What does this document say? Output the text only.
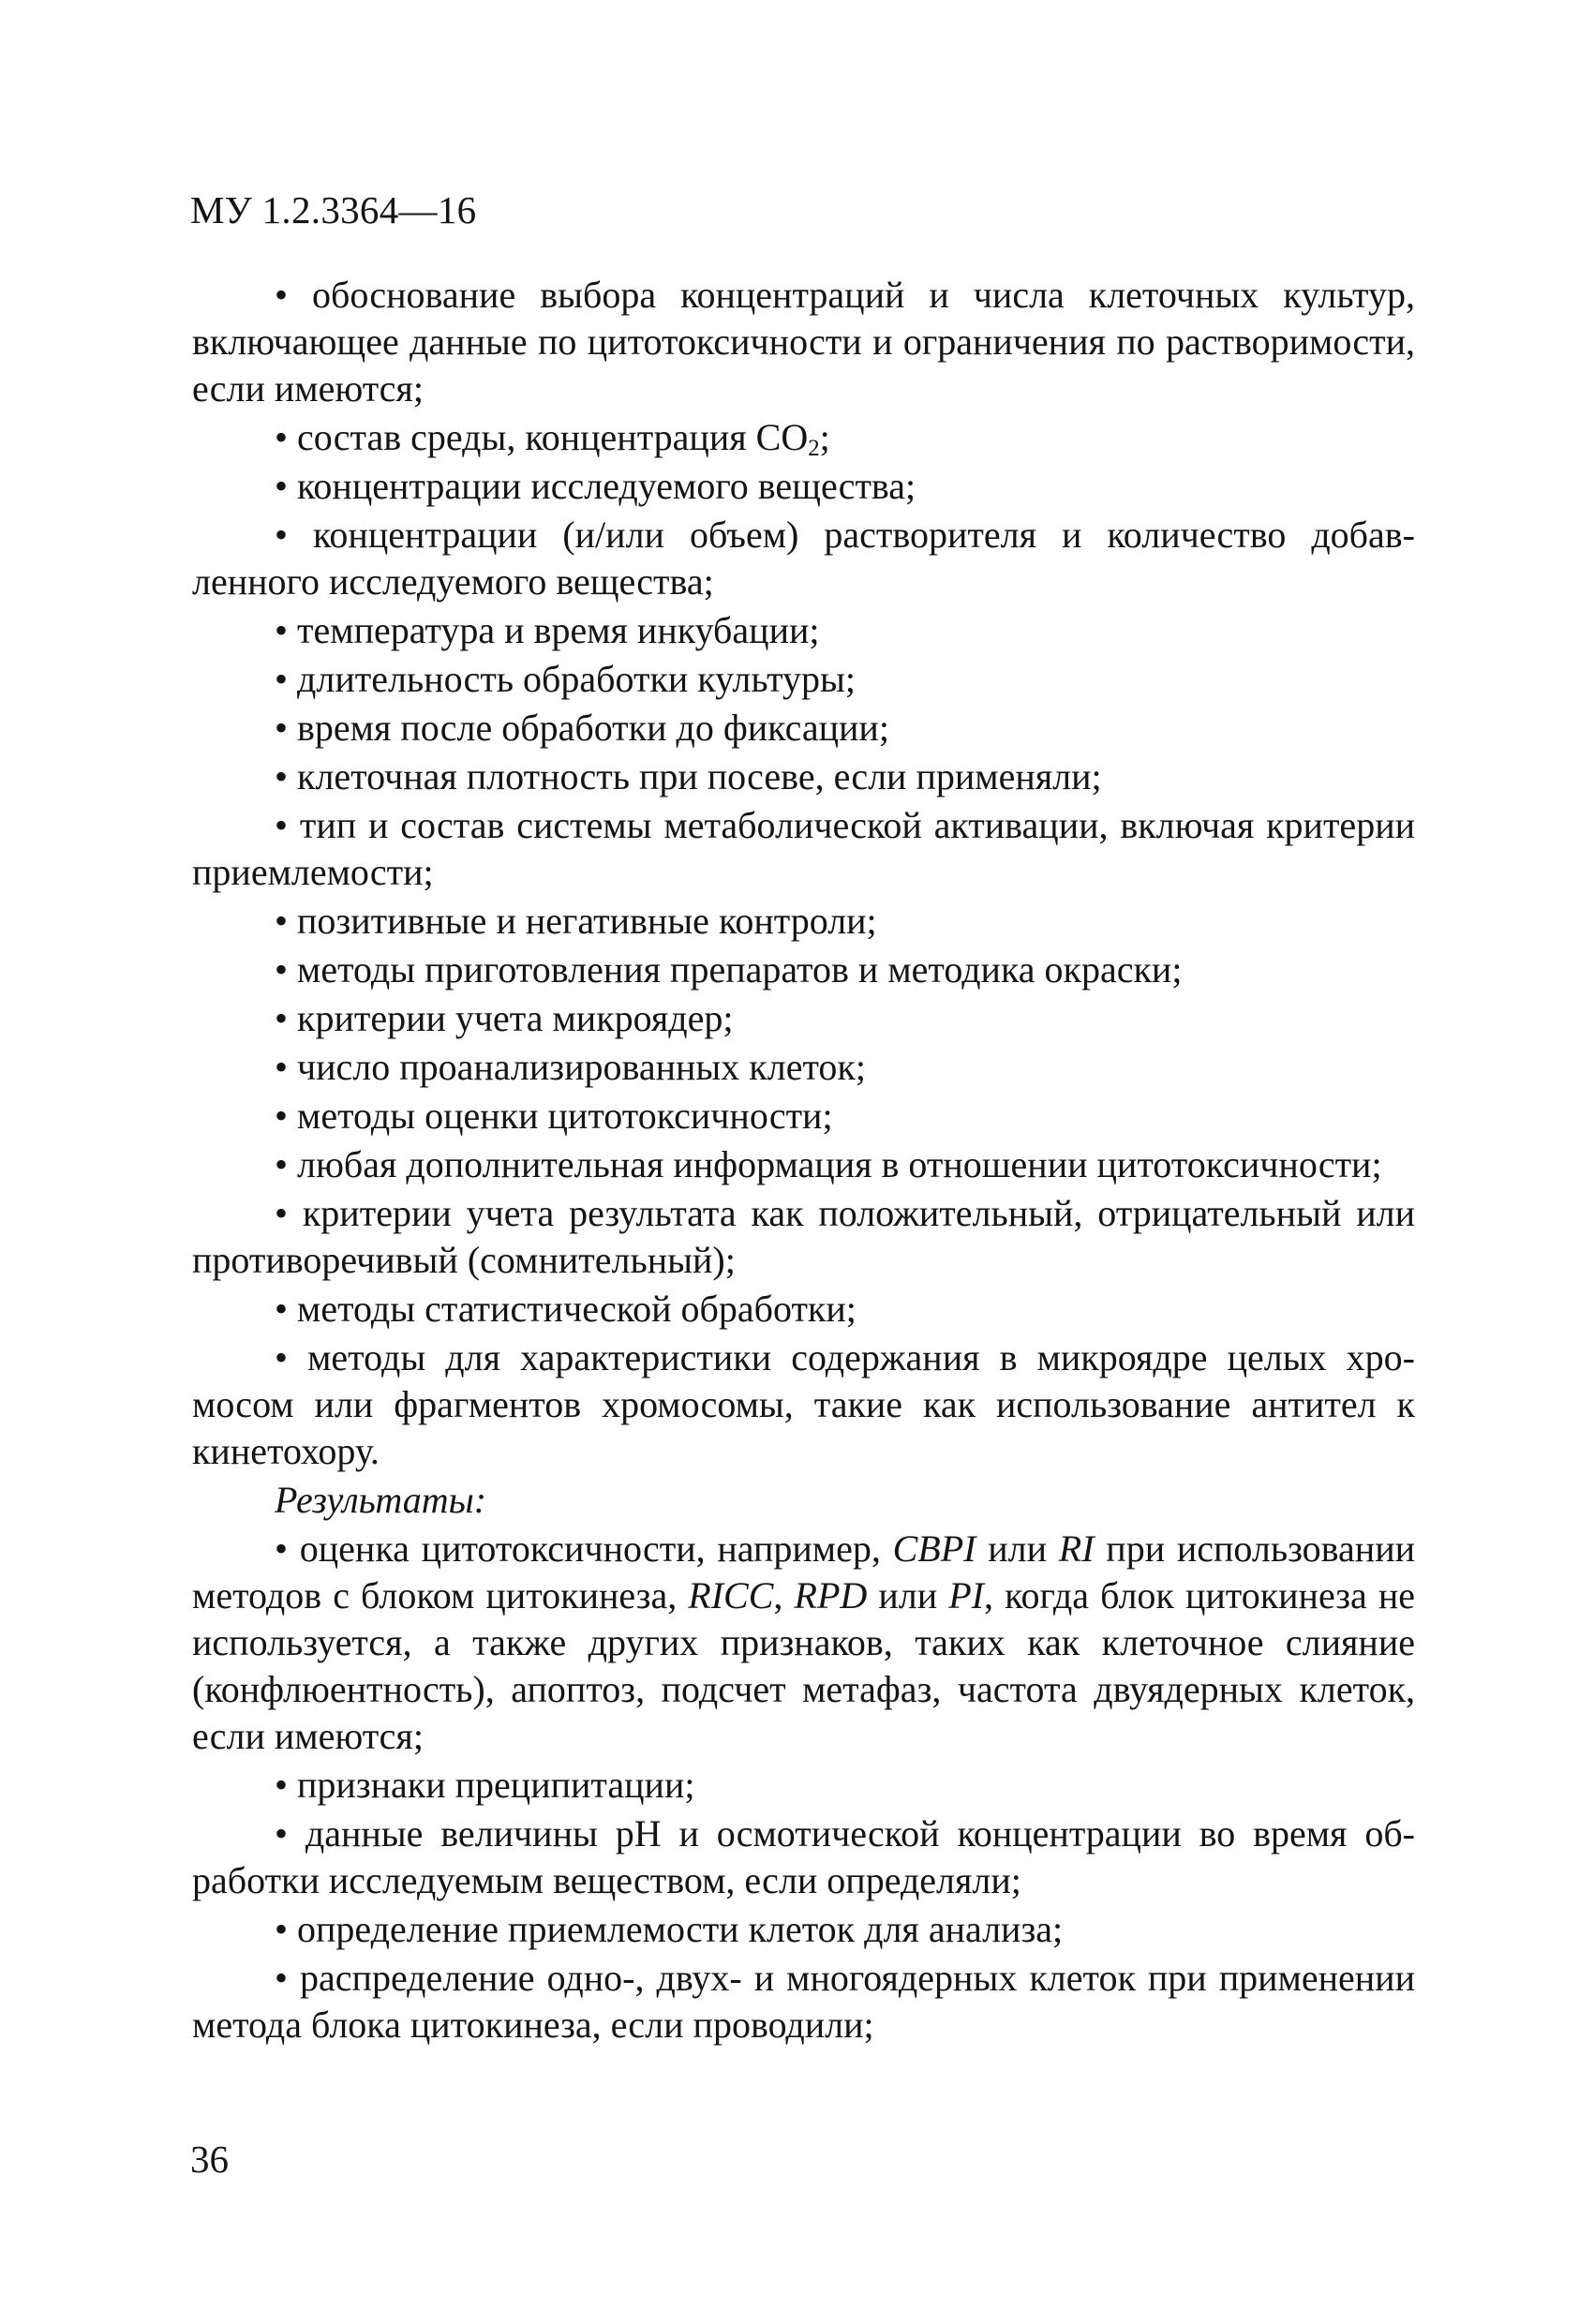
МУ 1.2.3364—16

• обоснование выбора концентраций и числа клеточных культур, включающее данные по цитотоксичности и ограничения по растворимости, если имеются;

• состав среды, концентрация $CO_2$;

• концентрации исследуемого вещества;

• концентрации (и/или объем) растворителя и количество добавленного исследуемого вещества;

• температура и время инкубации;

• длительность обработки культуры;

• время после обработки до фиксации;

• клеточная плотность при посеве, если применяли;

• тип и состав системы метаболической активации, включая критерии приемлемости;

• позитивные и негативные контроли;

• методы приготовления препаратов и методика окраски;

• критерии учета микроядер;

• число проанализированных клеток;

• методы оценки цитотоксичности;

• любая дополнительная информация в отношении цитотоксичности;

• критерии учета результата как положительный, отрицательный или противоречивый (сомнительный);

• методы статистической обработки;

• методы для характеристики содержания в микроядре целых хромосом или фрагментов хромосомы, такие как использование антител к кинетохору.

Результаты:

• оценка цитотоксичности, например, CBPI или RI при использовании методов с блоком цитокинеза, RICC, RPD или PI, когда блок цитокинеза не используется, а также других признаков, таких как клеточное слияние (конфлюентность), апоптоз, подсчет метафаз, частота двуядерных клеток, если имеются;

• признаки преципитации;

• данные величины pH и осмотической концентрации во время обработки исследуемым веществом, если определяли;

• определение приемлемости клеток для анализа;

• распределение одно-, двух- и многоядерных клеток при применении метода блока цитокинеза, если проводили;

36
